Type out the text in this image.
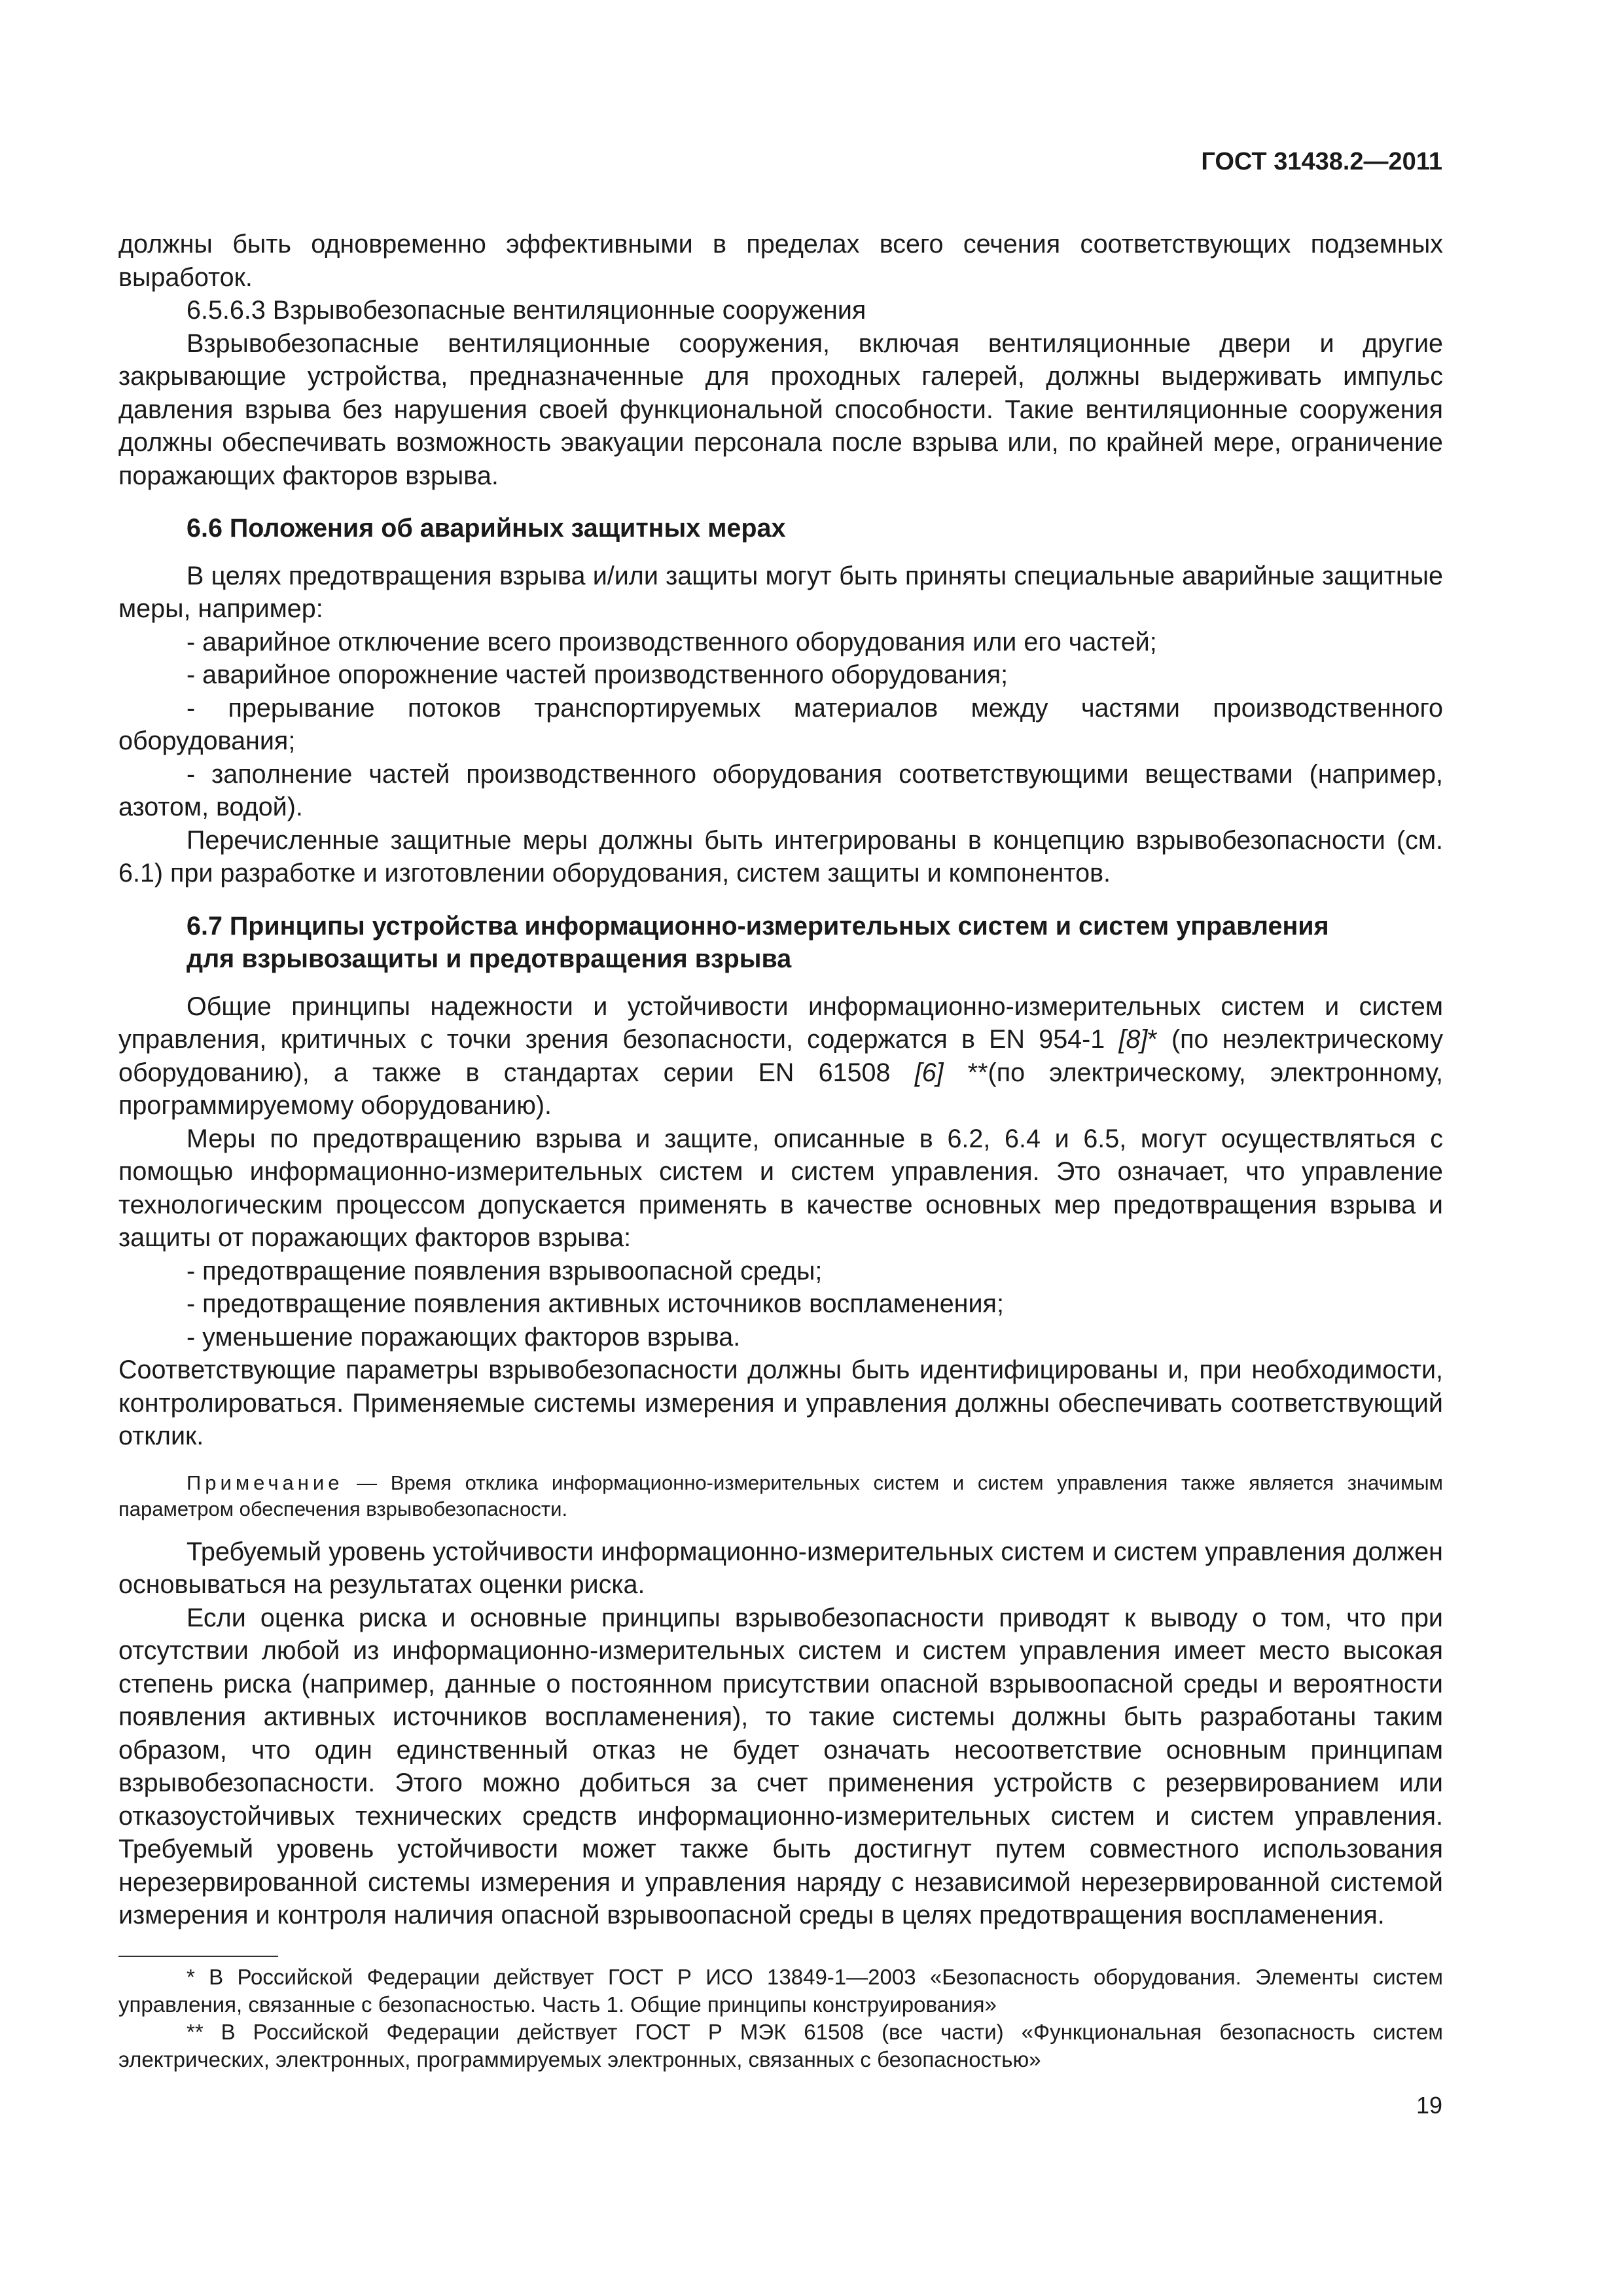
ГОСТ 31438.2—2011

должны быть одновременно эффективными в пределах всего сечения соответствующих подземных выработок.

6.5.6.3 Взрывобезопасные вентиляционные сооружения

Взрывобезопасные вентиляционные сооружения, включая вентиляционные двери и другие закрывающие устройства, предназначенные для проходных галерей, должны выдерживать импульс давления взрыва без нарушения своей функциональной способности. Такие вентиляционные сооружения должны обеспечивать возможность эвакуации персонала после взрыва или, по крайней мере, ограничение поражающих факторов взрыва.

6.6 Положения об аварийных защитных мерах

В целях предотвращения взрыва и/или защиты могут быть приняты специальные аварийные защитные меры, например:

- аварийное отключение всего производственного оборудования или его частей;

- аварийное опорожнение частей производственного оборудования;

- прерывание потоков транспортируемых материалов между частями производственного оборудования;

- заполнение частей производственного оборудования соответствующими веществами (например, азотом, водой).

Перечисленные защитные меры должны быть интегрированы в концепцию взрывобезопасности (см. 6.1) при разработке и изготовлении оборудования, систем защиты и компонентов.

6.7 Принципы устройства информационно-измерительных систем и систем управления
для взрывозащиты и предотвращения взрыва

Общие принципы надежности и устойчивости информационно-измерительных систем и систем управления, критичных с точки зрения безопасности, содержатся в EN 954-1 [8]* (по неэлектрическому оборудованию), а также в стандартах серии EN 61508 [6] **(по электрическому, электронному, программируемому оборудованию).

Меры по предотвращению взрыва и защите, описанные в 6.2, 6.4 и 6.5, могут осуществляться с помощью информационно-измерительных систем и систем управления. Это означает, что управление технологическим процессом допускается применять в качестве основных мер предотвращения взрыва и защиты от поражающих факторов взрыва:

- предотвращение появления взрывоопасной среды;

- предотвращение появления активных источников воспламенения;

- уменьшение поражающих факторов взрыва.

Соответствующие параметры взрывобезопасности должны быть идентифицированы и, при необходимости, контролироваться. Применяемые системы измерения и управления должны обеспечивать соответствующий отклик.

Примечание — Время отклика информационно-измерительных систем и систем управления также является значимым параметром обеспечения взрывобезопасности.

Требуемый уровень устойчивости информационно-измерительных систем и систем управления должен основываться на результатах оценки риска.

Если оценка риска и основные принципы взрывобезопасности приводят к выводу о том, что при отсутствии любой из информационно-измерительных систем и систем управления имеет место высокая степень риска (например, данные о постоянном присутствии опасной взрывоопасной среды и вероятности появления активных источников воспламенения), то такие системы должны быть разработаны таким образом, что один единственный отказ не будет означать несоответствие основным принципам взрывобезопасности. Этого можно добиться за счет применения устройств с резервированием или отказоустойчивых технических средств информационно-измерительных систем и систем управления. Требуемый уровень устойчивости может также быть достигнут путем совместного использования нерезервированной системы измерения и управления наряду с независимой нерезервированной системой измерения и контроля наличия опасной взрывоопасной среды в целях предотвращения воспламенения.

* В Российской Федерации действует ГОСТ Р ИСО 13849-1—2003 «Безопасность оборудования. Элементы систем управления, связанные с безопасностью. Часть 1. Общие принципы конструирования»

** В Российской Федерации действует ГОСТ Р МЭК 61508 (все части) «Функциональная безопасность систем электрических, электронных, программируемых электронных, связанных с безопасностью»

19
